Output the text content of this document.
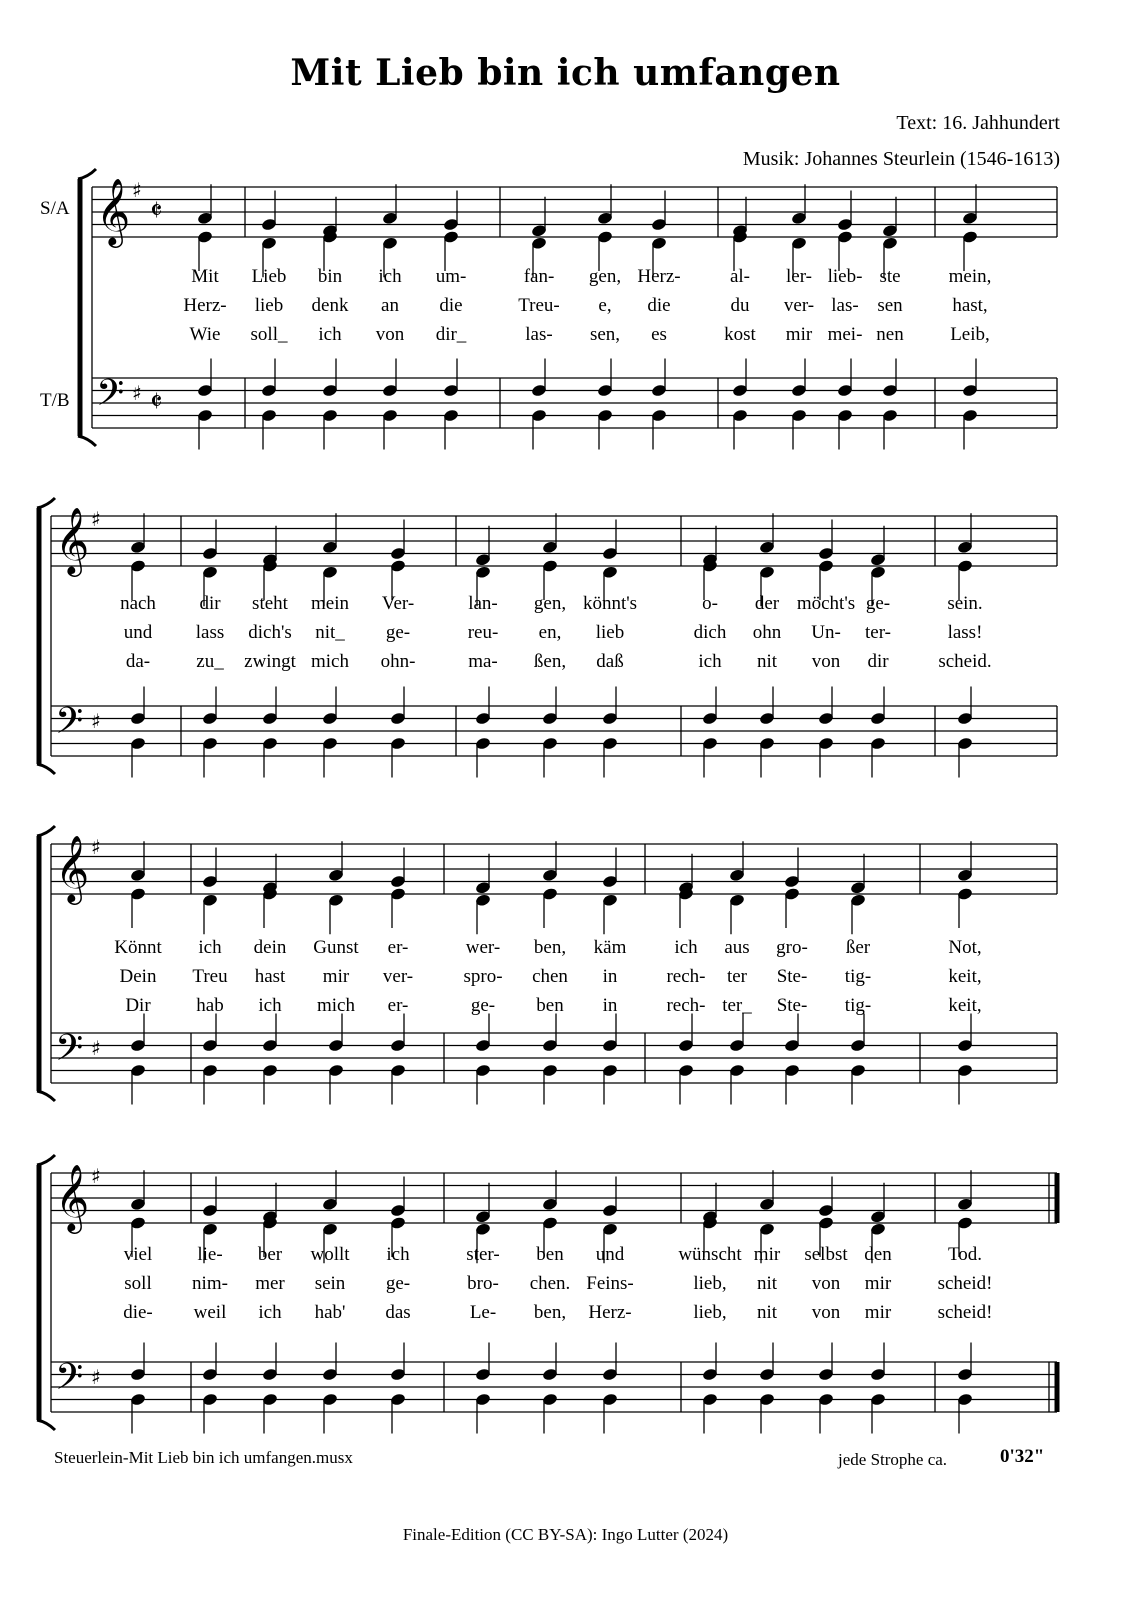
Mit Lieb bin ich umfangen
Text: 16. Jahhundert
Musik: Johannes Steurlein (1546-1613)
𝄞 ♯
𝄵
𝄢 ♯ 𝄵
Mit Lieb bin ich um-	fan- gen, Herz-	al- ler- lieb- ste	mein,
Herz- lieb denk an die	Treu- e, die	du ver- las- sen	hast,
Wie soll_ ich von dir_	las- sen, es	kost mir mei- nen Leib,
𝄞 ♯
𝄢 ♯
nach dir steht mein Ver-	lan- gen, könnt's	o- der möcht's ge-	sein.
und lass dich's nit_ ge-	reu- en, lieb	dich ohn Un- ter-	lass!
da- zu_ zwingt mich ohn-	ma- ßen, daß	ich nit von dir	scheid.
𝄞 ♯
𝄢 ♯
Könnt ich dein Gunst er-	wer- ben, käm	ich aus gro- ßer	Not,
Dein Treu hast mir ver-	spro- chen in	rech- ter Ste- tig-	keit,
Dir hab ich mich er-	ge- ben in	rech- ter_ Ste- tig-	keit,
𝄞 ♯
𝄢 ♯
viel lie- ber wollt ich	ster- ben und	wünscht mir selbst den	Tod.
soll nim- mer sein ge-	bro- chen. Feins-	lieb, nit von mir scheid!
die- weil ich hab' das	Le- ben, Herz-	lieb, nit von mir scheid!
S/A
T/B
Steuerlein-Mit Lieb bin ich umfangen.musx	jede Strophe ca.	0'32"
Finale-Edition (CC BY-SA): Ingo Lutter (2024)
